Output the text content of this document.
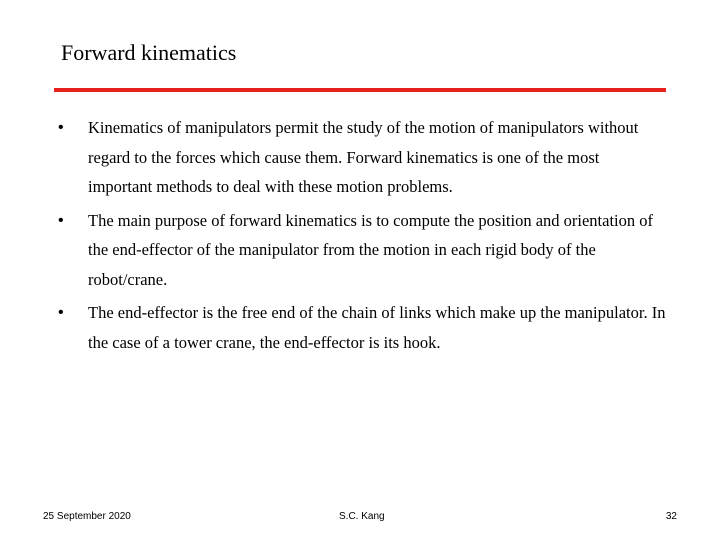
Forward kinematics
• Kinematics of manipulators permit the study of the motion of manipulators without regard to the forces which cause them. Forward kinematics is one of the most important methods to deal with these motion problems.
• The main purpose of forward kinematics is to compute the position and orientation of the end-effector of the manipulator from the motion in each rigid body of the robot/crane.
• The end-effector is the free end of the chain of links which make up the manipulator. In the case of a tower crane, the end-effector is its hook.
25 September 2020	S.C. Kang	32
